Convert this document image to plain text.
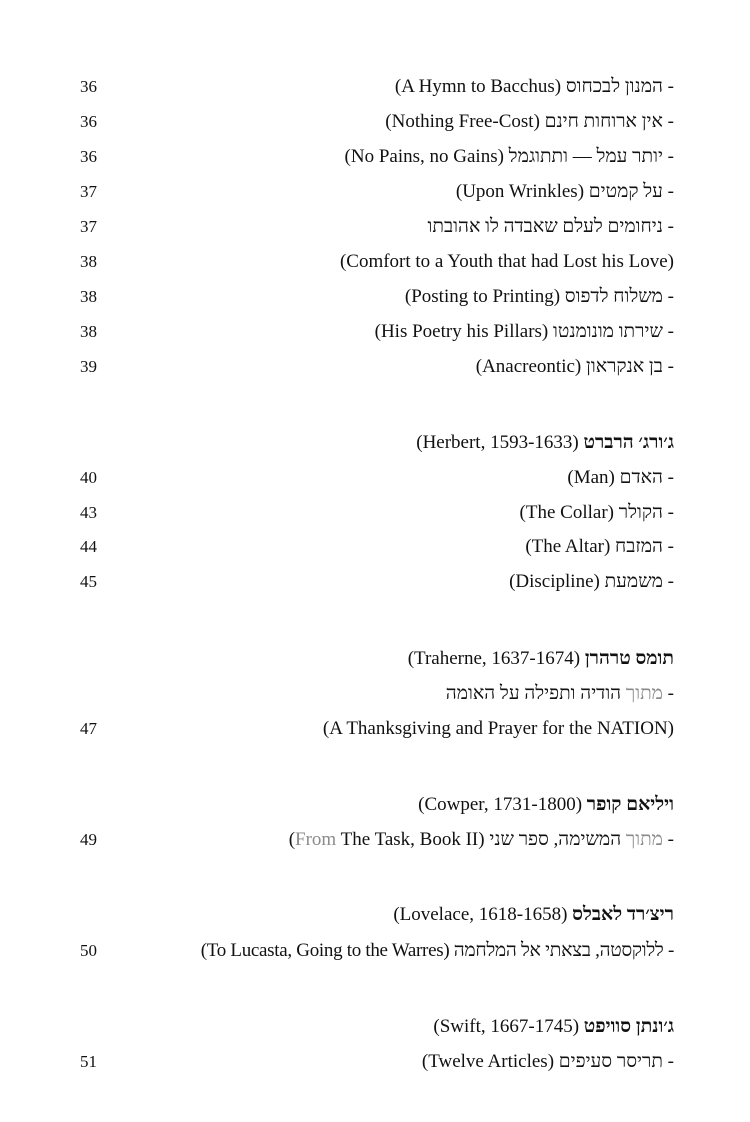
- המנון לבכחוס (A Hymn to Bacchus)
36
- אין ארוחות חינם (Nothing Free-Cost)
36
- יותר עמל — ותתוגמל (No Pains, no Gains)
36
- על קמטים (Upon Wrinkles)
37
- ניחומים לעלם שאבדה לו אהובתו
37
(Comfort to a Youth that had Lost his Love)
38
- משלוח לדפוס (Posting to Printing)
38
- שירתו מונומנטו (His Poetry his Pillars)
38
- בן אנקראון (Anacreontic)
39
ג׳ורג׳ הרברט (Herbert, 1593-1633)
- האדם (Man)
40
- הקולר (The Collar)
43
- המזבח (The Altar)
44
- משמעת (Discipline)
45
תומס טרהרן (Traherne, 1637-1674)
- מתוך הודיה ותפילה על האומה
(A Thanksgiving and Prayer for the NATION)
47
ויליאם קופר (Cowper, 1731-1800)
- מתוך המשימה, ספר שני (From The Task, Book II)
49
ריצ׳רד לאבלס (Lovelace, 1618-1658)
- ללוקסטה, בצאתי אל המלחמה (To Lucasta, Going to the Warres)
50
ג׳ונתן סוויפט (Swift, 1667-1745)
- תריסר סעיפים (Twelve Articles)
51
